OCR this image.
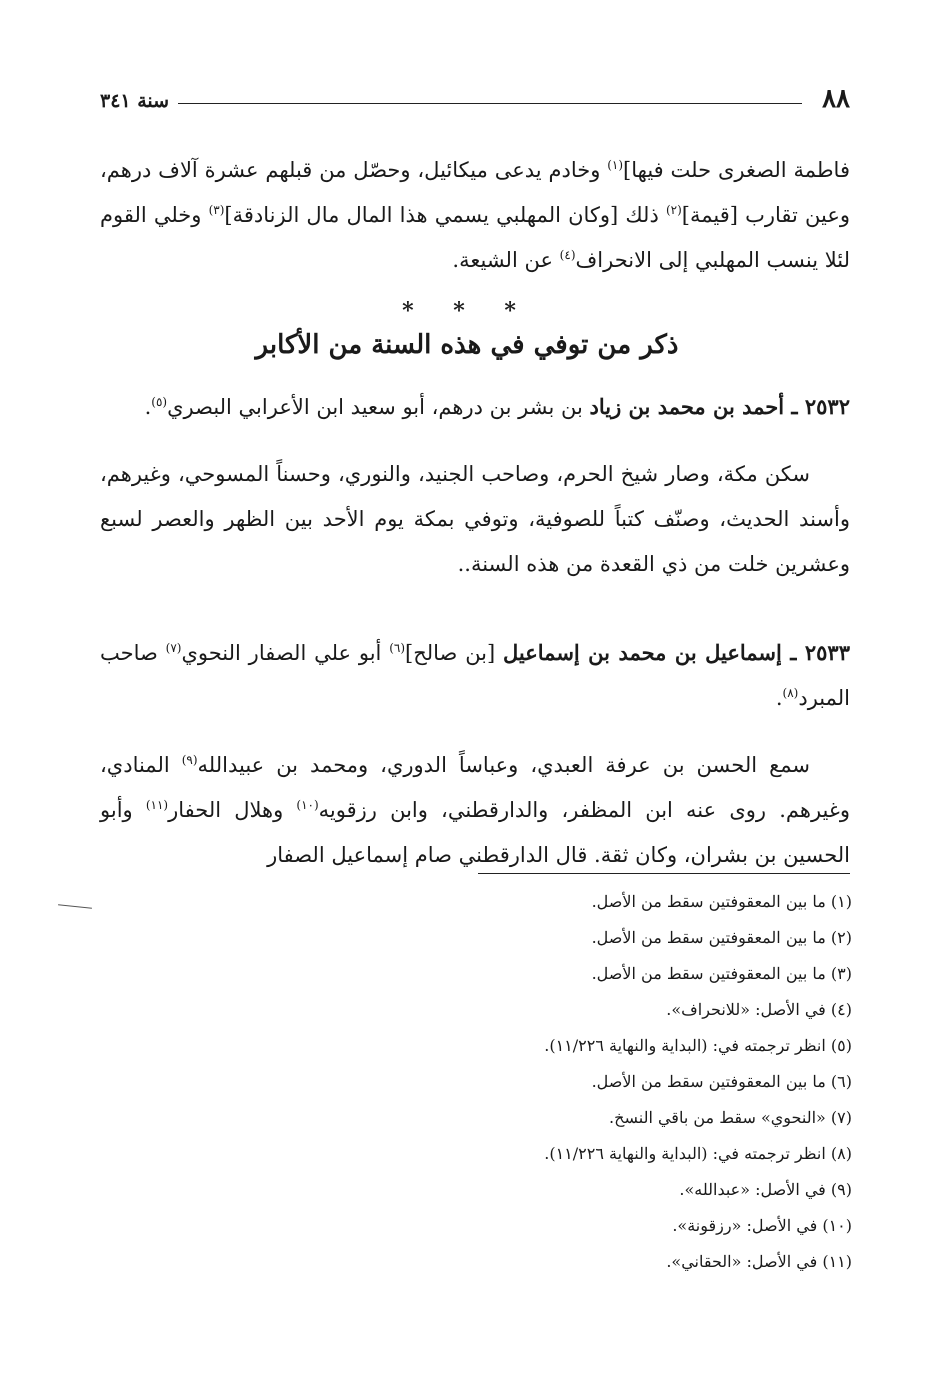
٨٨
سنة ٣٤١

فاطمة الصغرى حلت فيها]$^{(١)}$ وخادم يدعى ميكائيل، وحصّل من قبلهم عشرة آلاف درهم، وعين تقارب [قيمة]$^{(٢)}$ ذلك [وكان المهلبي يسمي هذا المال مال الزنادقة]$^{(٣)}$ وخلي القوم لئلا ينسب المهلبي إلى الانحراف$^{(٤)}$ عن الشيعة.

* * *
ذكر من توفي في هذه السنة من الأكابر

٢٥٣٢ ـ أحمد بن محمد بن زياد بن بشر بن درهم، أبو سعيد ابن الأعرابي البصري$^{(٥)}$.

سكن مكة، وصار شيخ الحرم، وصاحب الجنيد، والنوري، وحسناً المسوحي، وغيرهم، وأسند الحديث، وصنّف كتباً للصوفية، وتوفي بمكة يوم الأحد بين الظهر والعصر لسبع وعشرين خلت من ذي القعدة من هذه السنة..

٢٥٣٣ ـ إسماعيل بن محمد بن إسماعيل [بن صالح]$^{(٦)}$ أبو علي الصفار النحوي$^{(٧)}$ صاحب المبرد$^{(٨)}$.

سمع الحسن بن عرفة العبدي، وعباساً الدوري، ومحمد بن عبيدالله$^{(٩)}$ المنادي، وغيرهم. روى عنه ابن المظفر، والدارقطني، وابن رزقويه$^{(١٠)}$ وهلال الحفار$^{(١١)}$ وأبو الحسين بن بشران، وكان ثقة. قال الدارقطني صام إسماعيل الصفار

(١) ما بين المعقوفتين سقط من الأصل.

(٢) ما بين المعقوفتين سقط من الأصل.

(٣) ما بين المعقوفتين سقط من الأصل.

(٤) في الأصل: «للانحراف».

(٥) انظر ترجمته في: (البداية والنهاية ١١/٢٢٦).

(٦) ما بين المعقوفتين سقط من الأصل.

(٧) «النحوي» سقط من باقي النسخ.

(٨) انظر ترجمته في: (البداية والنهاية ١١/٢٢٦).

(٩) في الأصل: «عبدالله».

(١٠) في الأصل: «رزقونة».

(١١) في الأصل: «الحقاني».
